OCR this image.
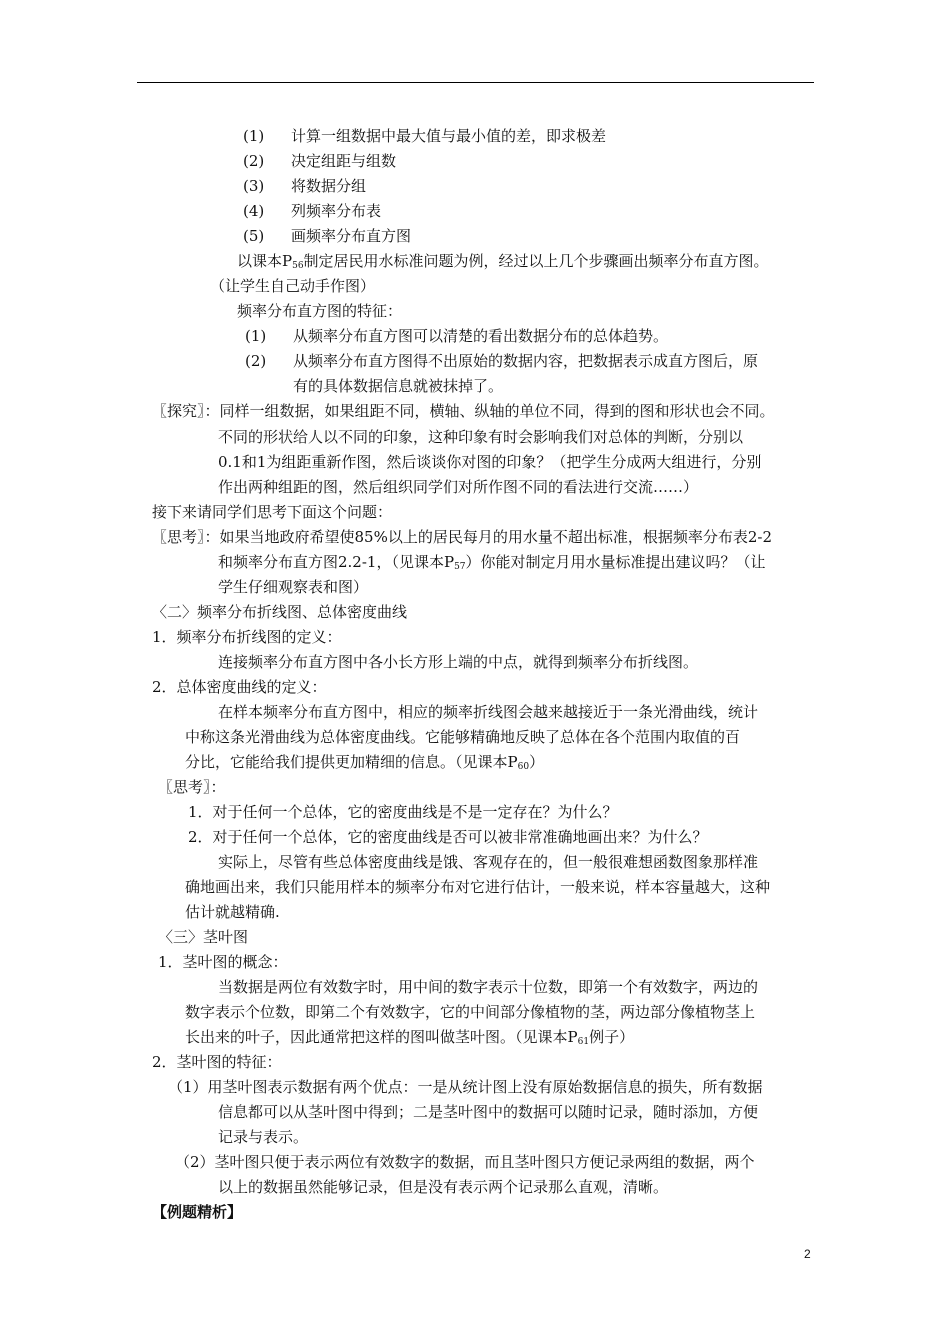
(1) 计算一组数据中最大值与最小值的差，即求极差
(2) 决定组距与组数
(3) 将数据分组
(4) 列频率分布表
(5) 画频率分布直方图
以课本$P_{56}$制定居民用水标准问题为例，经过以上几个步骤画出频率分布直方图。
（让学生自己动手作图）
频率分布直方图的特征：
(1) 从频率分布直方图可以清楚的看出数据分布的总体趋势。
(2) 从频率分布直方图得不出原始的数据内容，把数据表示成直方图后，原
有的具体数据信息就被抹掉了。
〖探究〗：同样一组数据，如果组距不同，横轴、纵轴的单位不同，得到的图和形状也会不同。
不同的形状给人以不同的印象，这种印象有时会影响我们对总体的判断，分别以
0.1和1为组距重新作图，然后谈谈你对图的印象？（把学生分成两大组进行，分别
作出两种组距的图，然后组织同学们对所作图不同的看法进行交流……）
接下来请同学们思考下面这个问题：
〖思考〗：如果当地政府希望使85%以上的居民每月的用水量不超出标准，根据频率分布表2-2
和频率分布直方图2.2-1，（见课本$P_{57}$）你能对制定月用水量标准提出建议吗？（让
学生仔细观察表和图）
〈二〉频率分布折线图、总体密度曲线
1．频率分布折线图的定义：
连接频率分布直方图中各小长方形上端的中点，就得到频率分布折线图。
2．总体密度曲线的定义：
在样本频率分布直方图中，相应的频率折线图会越来越接近于一条光滑曲线，统计
中称这条光滑曲线为总体密度曲线。它能够精确地反映了总体在各个范围内取值的百
分比，它能给我们提供更加精细的信息。（见课本$P_{60}$）
〖思考〗：
1．对于任何一个总体，它的密度曲线是不是一定存在？为什么？
2．对于任何一个总体，它的密度曲线是否可以被非常准确地画出来？为什么？
实际上，尽管有些总体密度曲线是饿、客观存在的，但一般很难想函数图象那样准
确地画出来，我们只能用样本的频率分布对它进行估计，一般来说，样本容量越大，这种
估计就越精确.
〈三〉茎叶图
1．茎叶图的概念：
当数据是两位有效数字时，用中间的数字表示十位数，即第一个有效数字，两边的
数字表示个位数，即第二个有效数字，它的中间部分像植物的茎，两边部分像植物茎上
长出来的叶子，因此通常把这样的图叫做茎叶图。（见课本$P_{61}$例子）
2．茎叶图的特征：
（1）用茎叶图表示数据有两个优点：一是从统计图上没有原始数据信息的损失，所有数据
信息都可以从茎叶图中得到；二是茎叶图中的数据可以随时记录，随时添加，方便
记录与表示。
（2）茎叶图只便于表示两位有效数字的数据，而且茎叶图只方便记录两组的数据，两个
以上的数据虽然能够记录，但是没有表示两个记录那么直观，清晰。
【例题精析】
2
